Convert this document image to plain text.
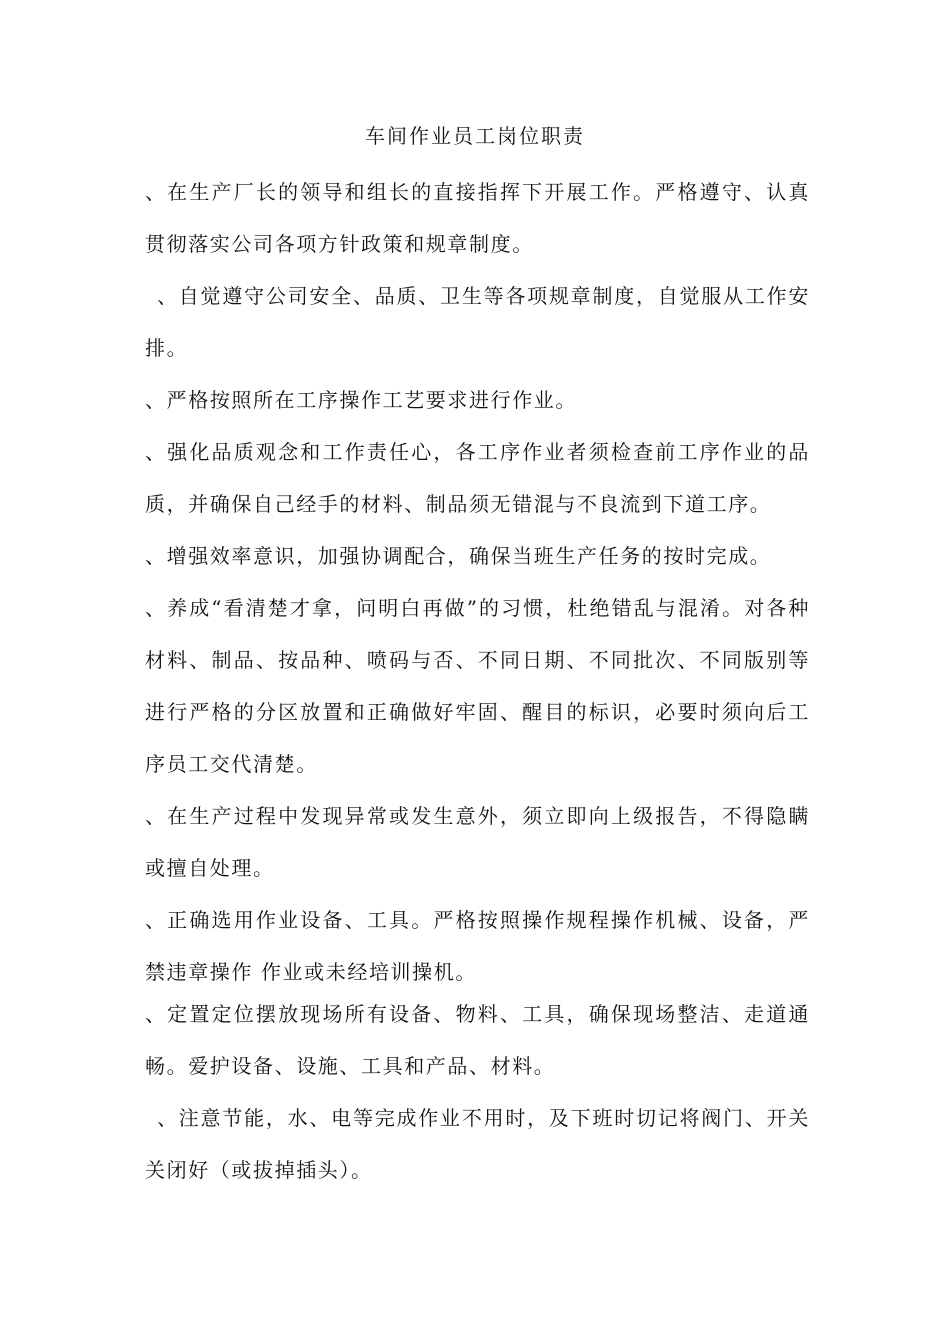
车间作业员工岗位职责

、在生产厂长的领导和组长的直接指挥下开展工作。严格遵守、认真贯彻落实公司各项方针政策和规章制度。

、自觉遵守公司安全、品质、卫生等各项规章制度，自觉服从工作安排。

、严格按照所在工序操作工艺要求进行作业。

、强化品质观念和工作责任心，各工序作业者须检查前工序作业的品质，并确保自己经手的材料、制品须无错混与不良流到下道工序。

、增强效率意识，加强协调配合，确保当班生产任务的按时完成。

、养成“看清楚才拿，问明白再做”的习惯，杜绝错乱与混淆。对各种材料、制品、按品种、喷码与否、不同日期、不同批次、不同版别等进行严格的分区放置和正确做好牢固、醒目的标识，必要时须向后工序员工交代清楚。

、在生产过程中发现异常或发生意外，须立即向上级报告，不得隐瞒或擅自处理。

、正确选用作业设备、工具。严格按照操作规程操作机械、设备，严禁违章操作 作业或未经培训操机。

、定置定位摆放现场所有设备、物料、工具，确保现场整洁、走道通畅。爱护设备、设施、工具和产品、材料。

、注意节能，水、电等完成作业不用时，及下班时切记将阀门、开关关闭好（或拔掉插头）。
